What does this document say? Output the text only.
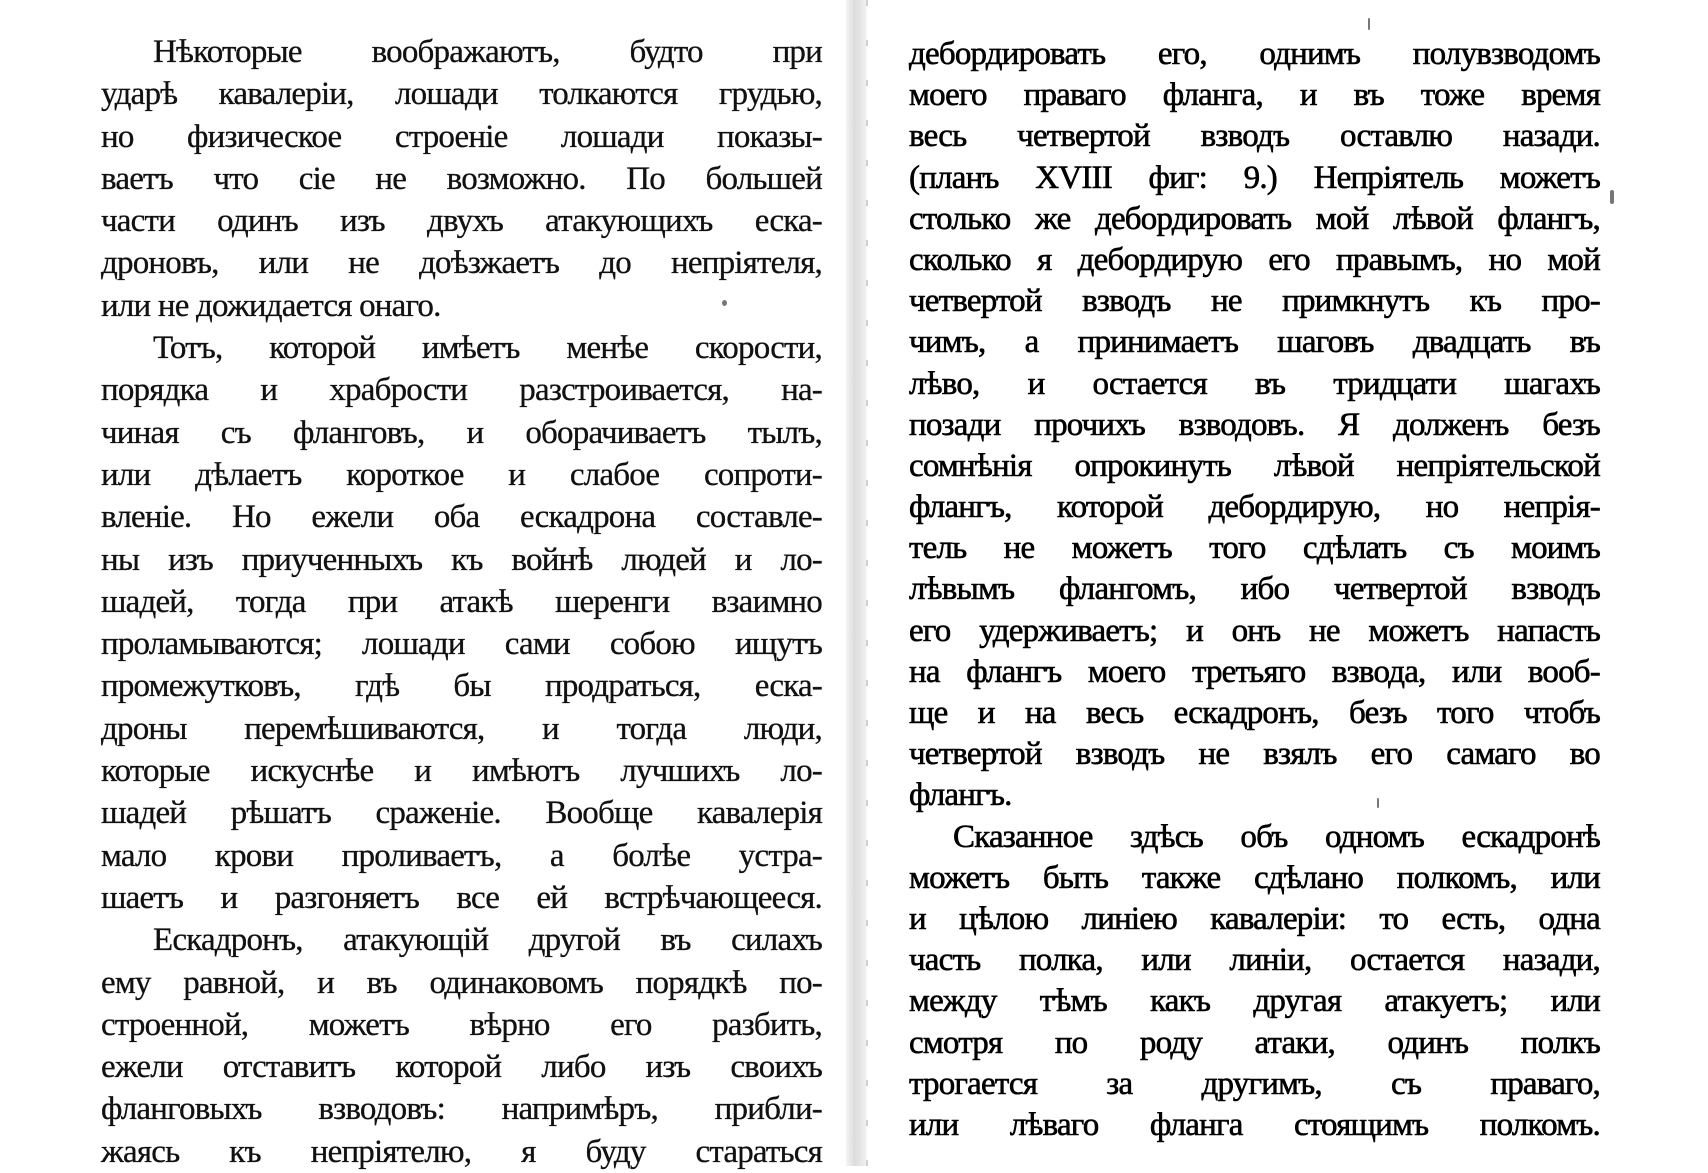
Нѣкоторые воображаютъ, будто при
ударѣ кавалерiи, лошади толкаются грудью,
но физическое строенiе лошади показы-
ваетъ что сiе не возможно. По большей
части одинъ изъ двухъ атакующихъ еска-
дроновъ, или не доѣзжаетъ до непрiятеля,
или не дожидается онаго.
Тотъ, которой имѣетъ менѣе скорости,
порядка и храбрости разстроивается, на-
чиная съ фланговъ, и оборачиваетъ тылъ,
или дѣлаетъ короткое и слабое сопроти-
вленiе. Но ежели оба ескадрона составле-
ны изъ приученныхъ къ войнѣ людей и ло-
шадей, тогда при атакѣ шеренги взаимно
проламываются; лошади сами собою ищутъ
промежутковъ, гдѣ бы продраться, еска-
дроны перемѣшиваются, и тогда люди,
которые искуснѣе и имѣютъ лучшихъ ло-
шадей рѣшатъ сраженiе. Вообще кавалерiя
мало крови проливаетъ, а болѣе устра-
шаетъ и разгоняетъ все ей встрѣчающееся.
Ескадронъ, атакующiй другой въ силахъ
ему равной, и въ одинаковомъ порядкѣ по-
строенной, можетъ вѣрно его разбить,
ежели отставитъ которой либо изъ своихъ
фланговыхъ взводовъ: напримѣръ, прибли-
жаясь къ непрiятелю, я буду стараться
дебордировать его, однимъ полувзводомъ
моего праваго фланга, и въ тоже время
весь четвертой взводъ оставлю назади.
(планъ XVIII фиг: 9.) Непрiятель можетъ
столько же дебордировать мой лѣвой флангъ,
сколько я дебордирую его правымъ, но мой
четвертой взводъ не примкнутъ къ про-
чимъ, а принимаетъ шаговъ двадцать въ
лѣво, и остается въ тридцати шагахъ
позади прочихъ взводовъ. Я долженъ безъ
сомнѣнiя опрокинуть лѣвой непрiятельской
флангъ, которой дебордирую, но непрiя-
тель не можетъ того сдѣлать съ моимъ
лѣвымъ флангомъ, ибо четвертой взводъ
его удерживаетъ; и онъ не можетъ напасть
на флангъ моего третьяго взвода, или вооб-
ще и на весь ескадронъ, безъ того чтобъ
четвертой взводъ не взялъ его самаго во
флангъ.
Сказанное здѣсь объ одномъ ескадронѣ
можетъ быть также сдѣлано полкомъ, или
и цѣлою линiею кавалерiи: то есть, одна
часть полка, или линiи, остается назади,
между тѣмъ какъ другая атакуетъ; или
смотря по роду атаки, одинъ полкъ
трогается за другимъ, съ праваго,
или лѣваго фланга стоящимъ полкомъ.
